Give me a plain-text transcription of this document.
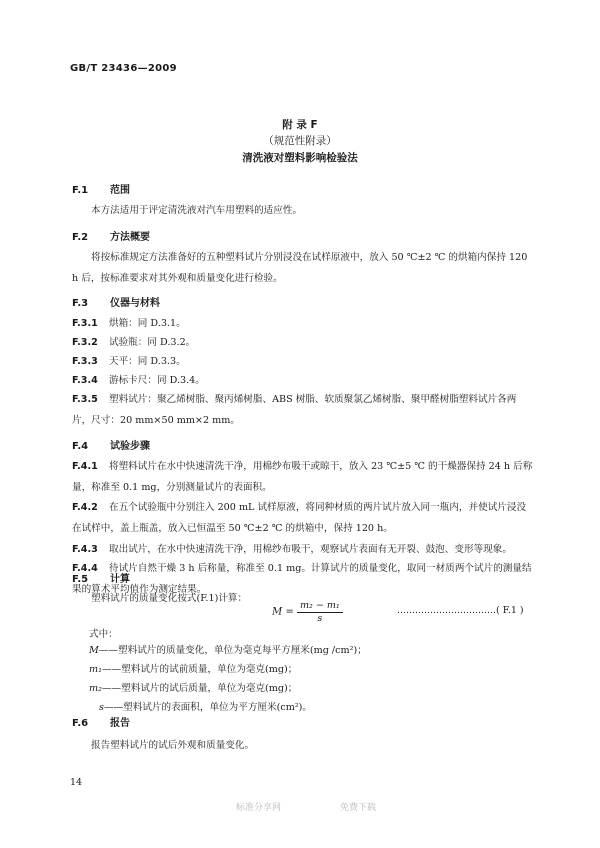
GB/T 23436—2009
附 录 F
（规范性附录）
清洗液对塑料影响检验法
F.1 范围
本方法适用于评定清洗液对汽车用塑料的适应性。
F.2 方法概要
将按标准规定方法准备好的五种塑料试片分别浸没在试样原液中，放入 50 ℃±2 ℃ 的烘箱内保持 120 h 后，按标准要求对其外观和质量变化进行检验。
F.3 仪器与材料
F.3.1 烘箱：同 D.3.1。
F.3.2 试验瓶：同 D.3.2。
F.3.3 天平：同 D.3.3。
F.3.4 游标卡尺：同 D.3.4。
F.3.5 塑料试片：聚乙烯树脂、聚丙烯树脂、ABS 树脂、软质聚氯乙烯树脂、聚甲醛树脂塑料试片各两片，尺寸：20 mm×50 mm×2 mm。
F.4 试验步骤
F.4.1 将塑料试片在水中快速清洗干净，用棉纱布吸干或晾干，放入 23 ℃±5 ℃ 的干燥器保持 24 h 后称量，称准至 0.1 mg，分别测量试片的表面积。
F.4.2 在五个试验瓶中分别注入 200 mL 试样原液，将同种材质的两片试片放入同一瓶内，并使试片浸没在试样中，盖上瓶盖，放入已恒温至 50 ℃±2 ℃ 的烘箱中，保持 120 h。
F.4.3 取出试片，在水中快速清洗干净，用棉纱布吸干，观察试片表面有无开裂、鼓泡、变形等现象。
F.4.4 待试片自然干燥 3 h 后称量，称准至 0.1 mg。计算试片的质量变化，取同一材质两个试片的测量结果的算术平均值作为测定结果。
F.5 计算
塑料试片的质量变化按式(F.1)计算：
$M = \frac{\text{m₂ − m₁}}{s}$	…………………………… ( F.1 )
式中：
M——塑料试片的质量变化，单位为毫克每平方厘米(mg /cm²)；
m₁——塑料试片的试前质量，单位为毫克(mg)；
m₂——塑料试片的试后质量，单位为毫克(mg)；
s——塑料试片的表面积，单位为平方厘米(cm²)。
14
标准分享网	免费下载
F.6 报告
报告塑料试片的试后外观和质量变化。
